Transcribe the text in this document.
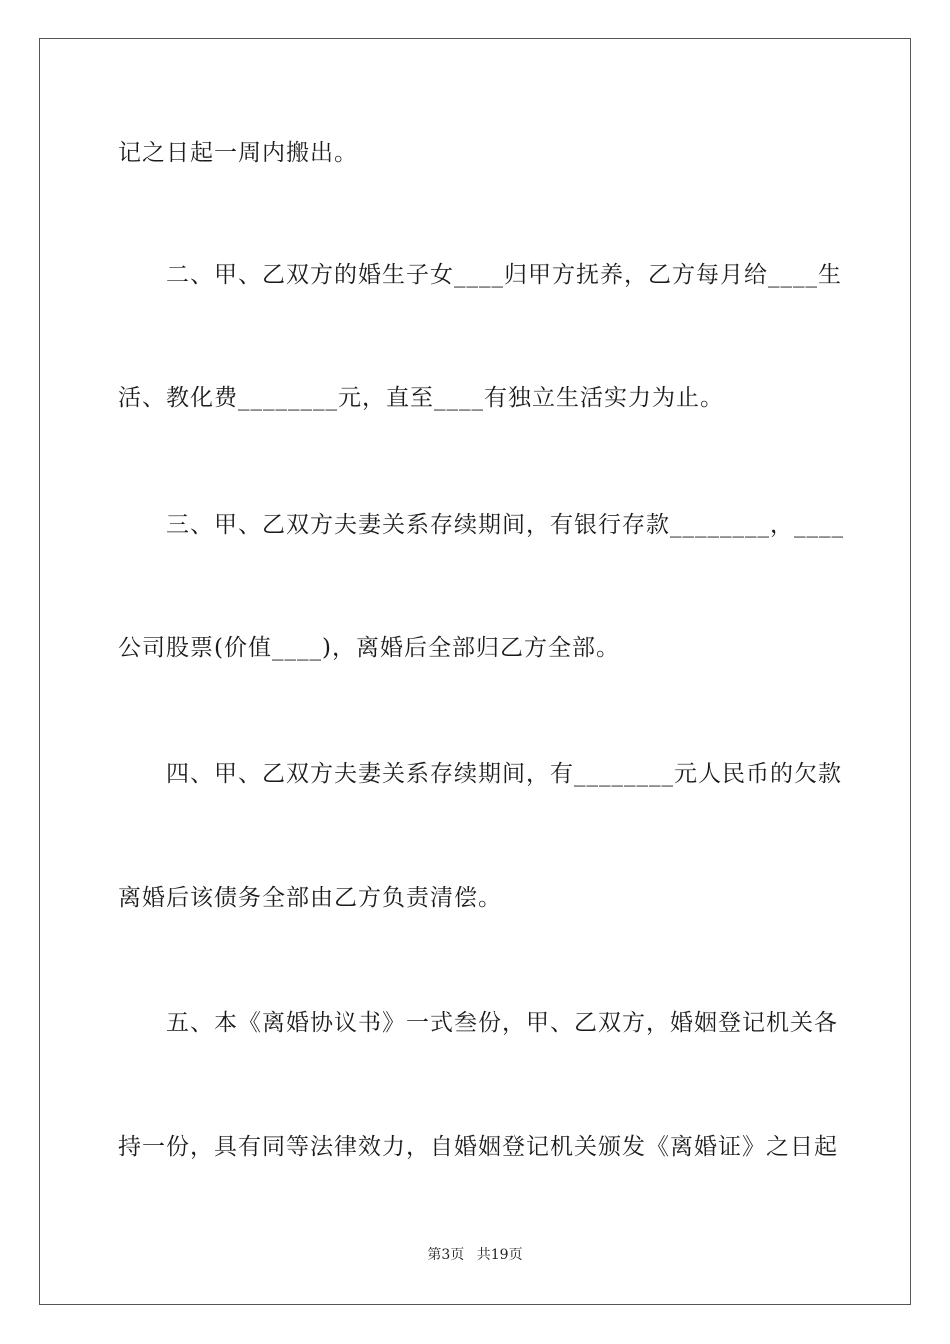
记之日起一周内搬出。
二、甲、乙双方的婚生子女____归甲方抚养，乙方每月给____生
活、教化费________元，直至____有独立生活实力为止。
三、甲、乙双方夫妻关系存续期间，有银行存款________，____
公司股票(价值____)，离婚后全部归乙方全部。
四、甲、乙双方夫妻关系存续期间，有________元人民币的欠款
离婚后该债务全部由乙方负责清偿。
五、本《离婚协议书》一式叁份，甲、乙双方，婚姻登记机关各
持一份，具有同等法律效力，自婚姻登记机关颁发《离婚证》之日起
第3页 共19页
